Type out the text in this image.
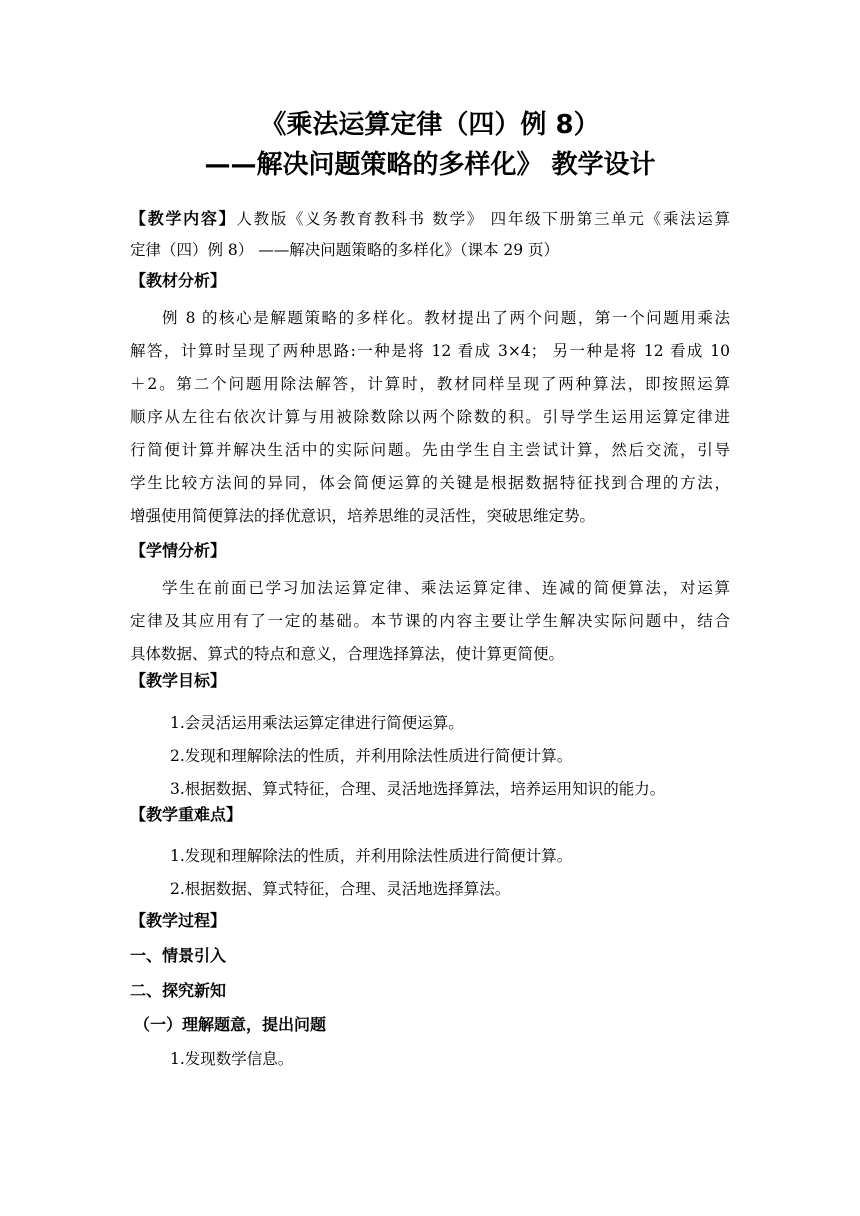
《乘法运算定律（四）例 8）
——解决问题策略的多样化》 教学设计
【教学内容】人教版《义务教育教科书 数学》 四年级下册第三单元《乘法运算
定律（四）例 8） ——解决问题策略的多样化》（课本 29 页）
【教材分析】
例 8 的核心是解题策略的多样化。教材提出了两个问题，第一个问题用乘法
解答，计算时呈现了两种思路:一种是将 12 看成 3×4； 另一种是将 12 看成 10
＋2。第二个问题用除法解答，计算时，教材同样呈现了两种算法，即按照运算
顺序从左往右依次计算与用被除数除以两个除数的积。引导学生运用运算定律进
行简便计算并解决生活中的实际问题。先由学生自主尝试计算，然后交流，引导
学生比较方法间的异同，体会简便运算的关键是根据数据特征找到合理的方法，
增强使用简便算法的择优意识，培养思维的灵活性，突破思维定势。
【学情分析】
学生在前面已学习加法运算定律、乘法运算定律、连减的简便算法，对运算
定律及其应用有了一定的基础。本节课的内容主要让学生解决实际问题中，结合
具体数据、算式的特点和意义，合理选择算法，使计算更简便。
【教学目标】
1.会灵活运用乘法运算定律进行简便运算。
2.发现和理解除法的性质，并利用除法性质进行简便计算。
3.根据数据、算式特征，合理、灵活地选择算法，培养运用知识的能力。
【教学重难点】
1.发现和理解除法的性质，并利用除法性质进行简便计算。
2.根据数据、算式特征，合理、灵活地选择算法。
【教学过程】
一、情景引入
二、探究新知
（一）理解题意，提出问题
1.发现数学信息。
